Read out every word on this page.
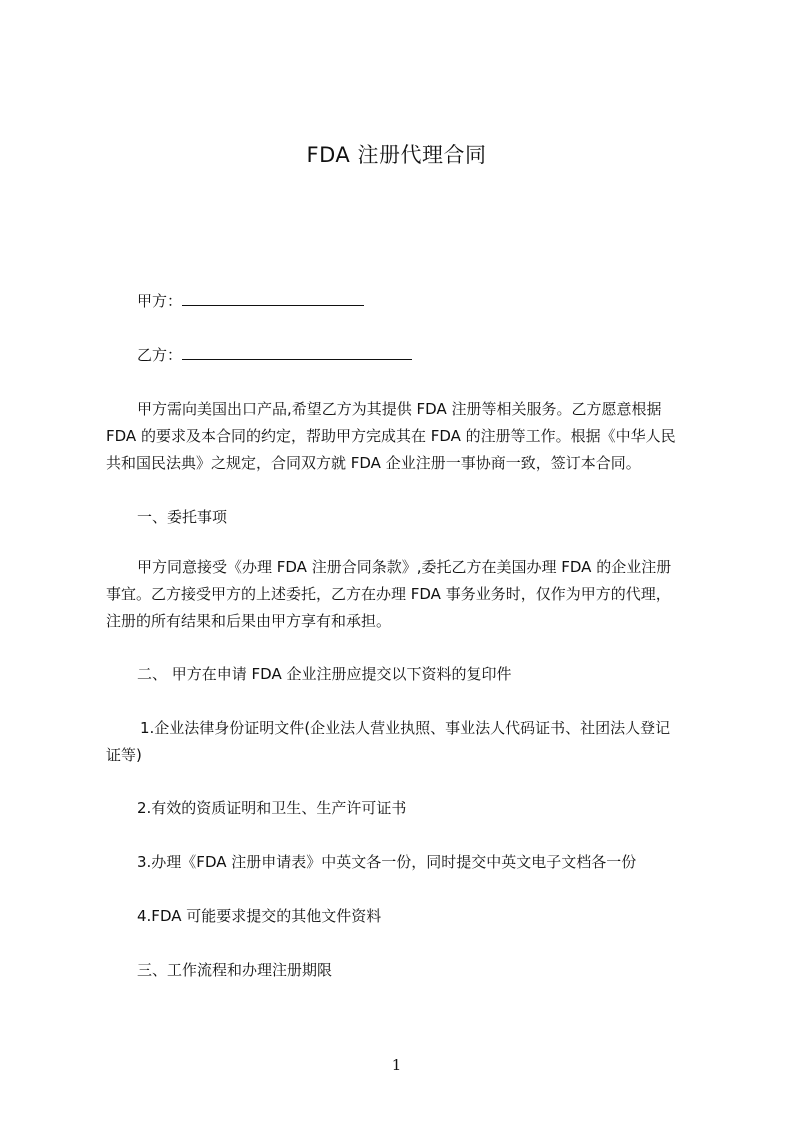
FDA 注册代理合同
甲方：
乙方：
甲方需向美国出口产品,希望乙方为其提供 FDA 注册等相关服务。乙方愿意根据
FDA 的要求及本合同的约定，帮助甲方完成其在 FDA 的注册等工作。根据《中华人民
共和国民法典》之规定，合同双方就 FDA 企业注册一事协商一致，签订本合同。
一、委托事项
甲方同意接受《办理 FDA 注册合同条款》,委托乙方在美国办理 FDA 的企业注册
事宜。乙方接受甲方的上述委托，乙方在办理 FDA 事务业务时，仅作为甲方的代理，
注册的所有结果和后果由甲方享有和承担。
二、 甲方在申请 FDA 企业注册应提交以下资料的复印件
1.企业法律身份证明文件(企业法人营业执照、事业法人代码证书、社团法人登记
证等)
2.有效的资质证明和卫生、生产许可证书
3.办理《FDA 注册申请表》中英文各一份，同时提交中英文电子文档各一份
4.FDA 可能要求提交的其他文件资料
三、工作流程和办理注册期限
1
